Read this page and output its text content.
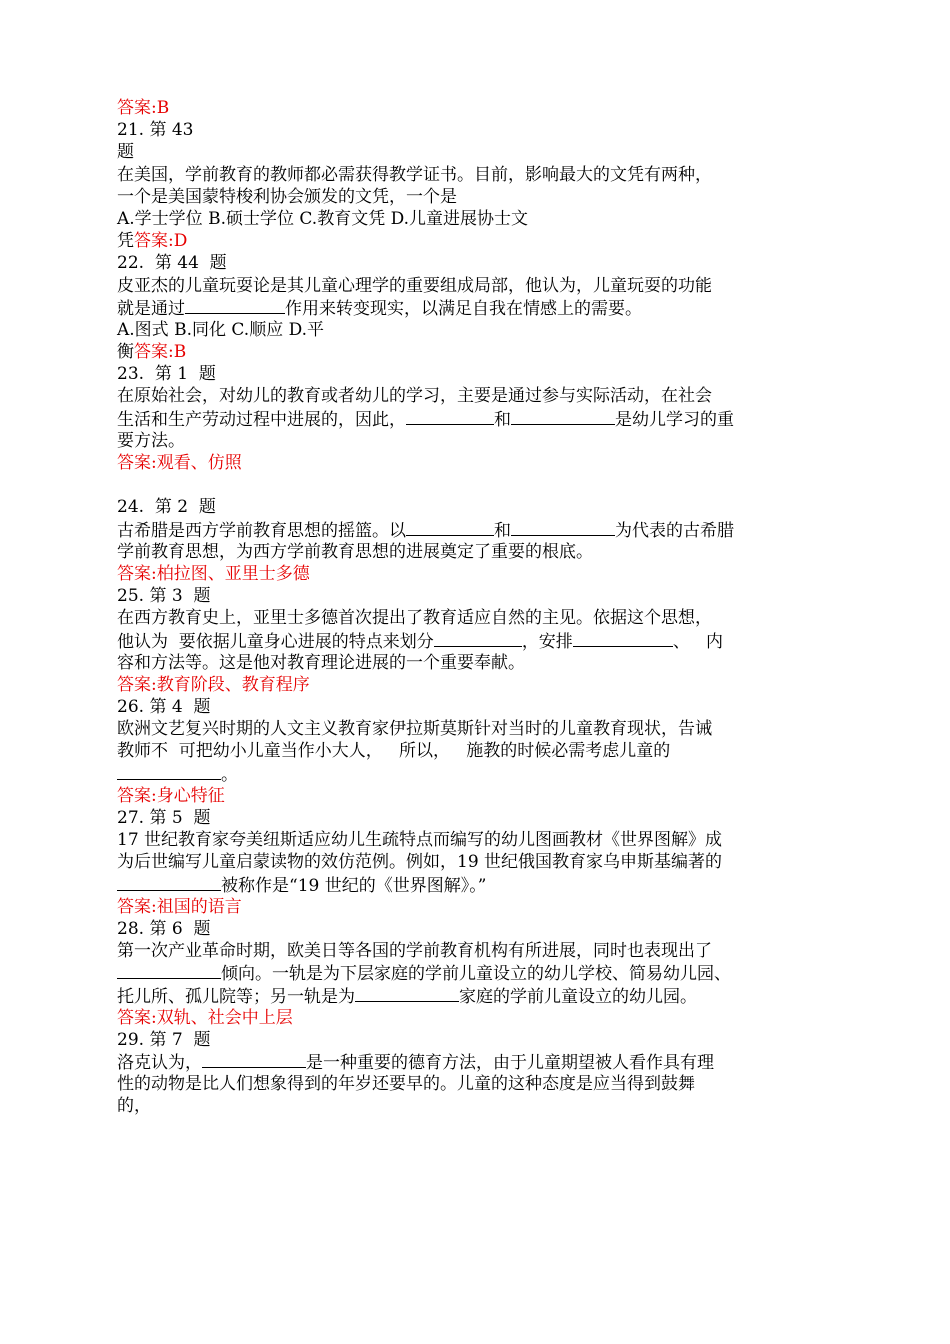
答案:B
21. 第 43
题
在美国，学前教育的教师都必需获得教学证书。目前，影响最大的文凭有两种，
一个是美国蒙特梭利协会颁发的文凭，一个是
A.学士学位 B.硕士学位 C.教育文凭 D.儿童进展协士文
凭答案:D
22.  第 44  题
皮亚杰的儿童玩耍论是其儿童心理学的重要组成局部，他认为，儿童玩耍的功能
就是通过	作用来转变现实，以满足自我在情感上的需要。
A.图式 B.同化 C.顺应 D.平
衡答案:B
23.  第 1  题
在原始社会，对幼儿的教育或者幼儿的学习，主要是通过参与实际活动，在社会
生活和生产劳动过程中进展的，因此，	和	是幼儿学习的重
要方法。
答案:观看、仿照
24.  第 2  题
古希腊是西方学前教育思想的摇篮。以	和	为代表的古希腊
学前教育思想，为西方学前教育思想的进展奠定了重要的根底。
答案:柏拉图、亚里士多德
25. 第 3  题
在西方教育史上，亚里士多德首次提出了教育适应自然的主见。依据这个思想，
他认为  要依据儿童身心进展的特点来划分	，安排	、   内
容和方法等。这是他对教育理论进展的一个重要奉献。
答案:教育阶段、教育程序
26. 第 4  题
欧洲文艺复兴时期的人文主义教育家伊拉斯莫斯针对当时的儿童教育现状，告诫
教师不  可把幼小儿童当作小大人，   所以，   施教的时候必需考虑儿童的
。
答案:身心特征
27. 第 5  题
17 世纪教育家夸美纽斯适应幼儿生疏特点而编写的幼儿图画教材《世界图解》成
为后世编写儿童启蒙读物的效仿范例。例如，19 世纪俄国教育家乌申斯基编著的
被称作是“19 世纪的《世界图解》。”
答案:祖国的语言
28. 第 6  题
第一次产业革命时期，欧美日等各国的学前教育机构有所进展，同时也表现出了
倾向。一轨是为下层家庭的学前儿童设立的幼儿学校、简易幼儿园、
托儿所、孤儿院等；另一轨是为	家庭的学前儿童设立的幼儿园。
答案:双轨、社会中上层
29. 第 7  题
洛克认为，	是一种重要的德育方法，由于儿童期望被人看作具有理
性的动物是比人们想象得到的年岁还要早的。儿童的这种态度是应当得到鼓舞
的，
